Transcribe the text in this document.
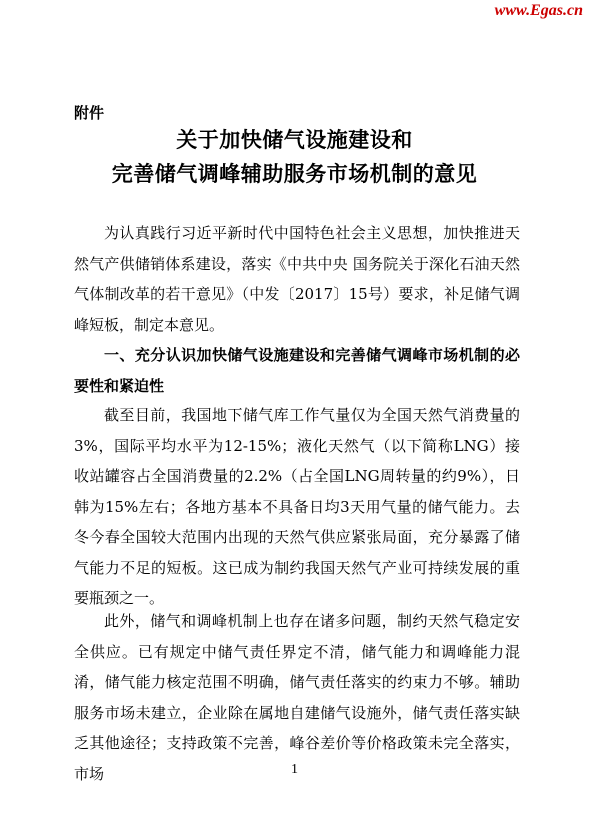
www.Egas.cn
附件
关于加快储气设施建设和
完善储气调峰辅助服务市场机制的意见
为认真践行习近平新时代中国特色社会主义思想，加快推进天然气产供储销体系建设，落实《中共中央 国务院关于深化石油天然气体制改革的若干意见》（中发〔2017〕15号）要求，补足储气调峰短板，制定本意见。
一、充分认识加快储气设施建设和完善储气调峰市场机制的必要性和紧迫性
截至目前，我国地下储气库工作气量仅为全国天然气消费量的3%，国际平均水平为12-15%；液化天然气（以下简称LNG）接收站罐容占全国消费量的2.2%（占全国LNG周转量的约9%），日韩为15%左右；各地方基本不具备日均3天用气量的储气能力。去冬今春全国较大范围内出现的天然气供应紧张局面，充分暴露了储气能力不足的短板。这已成为制约我国天然气产业可持续发展的重要瓶颈之一。
此外，储气和调峰机制上也存在诸多问题，制约天然气稳定安全供应。已有规定中储气责任界定不清，储气能力和调峰能力混淆，储气能力核定范围不明确，储气责任落实的约束力不够。辅助服务市场未建立，企业除在属地自建储气设施外，储气责任落实缺乏其他途径；支持政策不完善，峰谷差价等价格政策未完全落实，市场	1
